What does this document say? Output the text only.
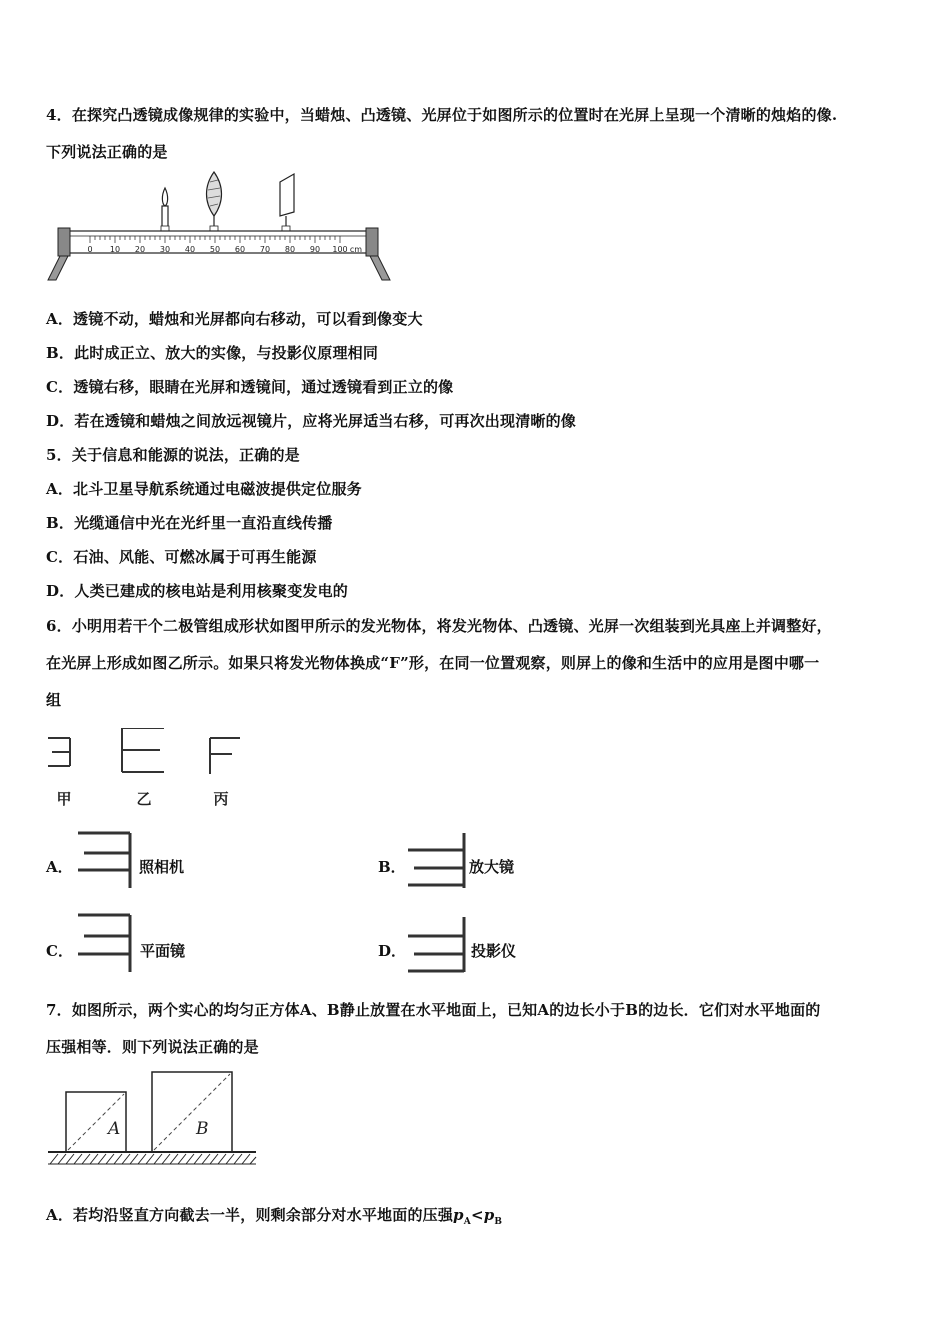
4．在探究凸透镜成像规律的实验中，当蜡烛、凸透镜、光屏位于如图所示的位置时在光屏上呈现一个清晰的烛焰的像.
下列说法正确的是
0 10 20 30 40 50 60 70 80 90 100 cm
A．透镜不动，蜡烛和光屏都向右移动，可以看到像变大
B．此时成正立、放大的实像，与投影仪原理相同
C．透镜右移，眼睛在光屏和透镜间，通过透镜看到正立的像
D．若在透镜和蜡烛之间放远视镜片，应将光屏适当右移，可再次出现清晰的像
5．关于信息和能源的说法，正确的是
A．北斗卫星导航系统通过电磁波提供定位服务
B．光缆通信中光在光纤里一直沿直线传播
C．石油、风能、可燃冰属于可再生能源
D．人类已建成的核电站是利用核聚变发电的
6．小明用若干个二极管组成形状如图甲所示的发光物体，将发光物体、凸透镜、光屏一次组装到光具座上并调整好，
在光屏上形成如图乙所示。如果只将发光物体换成“F”形，在同一位置观察，则屏上的像和生活中的应用是图中哪一
组
甲	乙	丙
A．	照相机	B．	放大镜
C．	平面镜	D．	投影仪
7．如图所示，两个实心的均匀正方体A、B静止放置在水平地面上，已知A的边长小于B的边长．它们对水平地面的
压强相等．则下列说法正确的是
A	B
A．若均沿竖直方向截去一半，则剩余部分对水平地面的压强$p_A<p_B$
